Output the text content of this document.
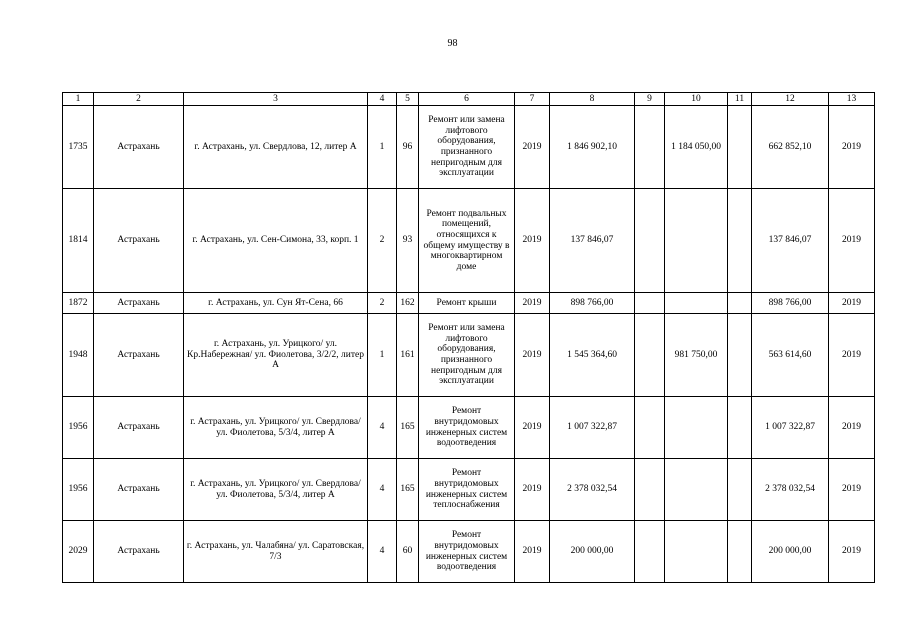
98
1	2	3	4	5	6	7	8	9	10	11	12	13
1735	Астрахань	г. Астрахань, ул. Свердлова, 12, литер А	1	96	Ремонт или замена лифтового оборудования, признанного непригодным для эксплуатации	2019	1 846 902,10		1 184 050,00		662 852,10	2019
1814	Астрахань	г. Астрахань, ул. Сен-Симона, 33, корп. 1	2	93	Ремонт подвальных помещений, относящихся к общему имуществу в многоквартирном доме	2019	137 846,07				137 846,07	2019
1872	Астрахань	г. Астрахань, ул. Сун Ят-Сена, 66	2	162	Ремонт крыши	2019	898 766,00				898 766,00	2019
1948	Астрахань	г. Астрахань, ул. Урицкого/ ул. Кр.Набережная/ ул. Фиолетова, 3/2/2, литер А	1	161	Ремонт или замена лифтового оборудования, признанного непригодным для эксплуатации	2019	1 545 364,60		981 750,00		563 614,60	2019
1956	Астрахань	г. Астрахань, ул. Урицкого/ ул. Свердлова/ ул. Фиолетова, 5/3/4, литер А	4	165	Ремонт внутридомовых инженерных систем водоотведения	2019	1 007 322,87				1 007 322,87	2019
1956	Астрахань	г. Астрахань, ул. Урицкого/ ул. Свердлова/ ул. Фиолетова, 5/3/4, литер А	4	165	Ремонт внутридомовых инженерных систем теплоснабжения	2019	2 378 032,54				2 378 032,54	2019
2029	Астрахань	г. Астрахань, ул. Чалабяна/ ул. Саратовская, 7/3	4	60	Ремонт внутридомовых инженерных систем водоотведения	2019	200 000,00				200 000,00	2019
